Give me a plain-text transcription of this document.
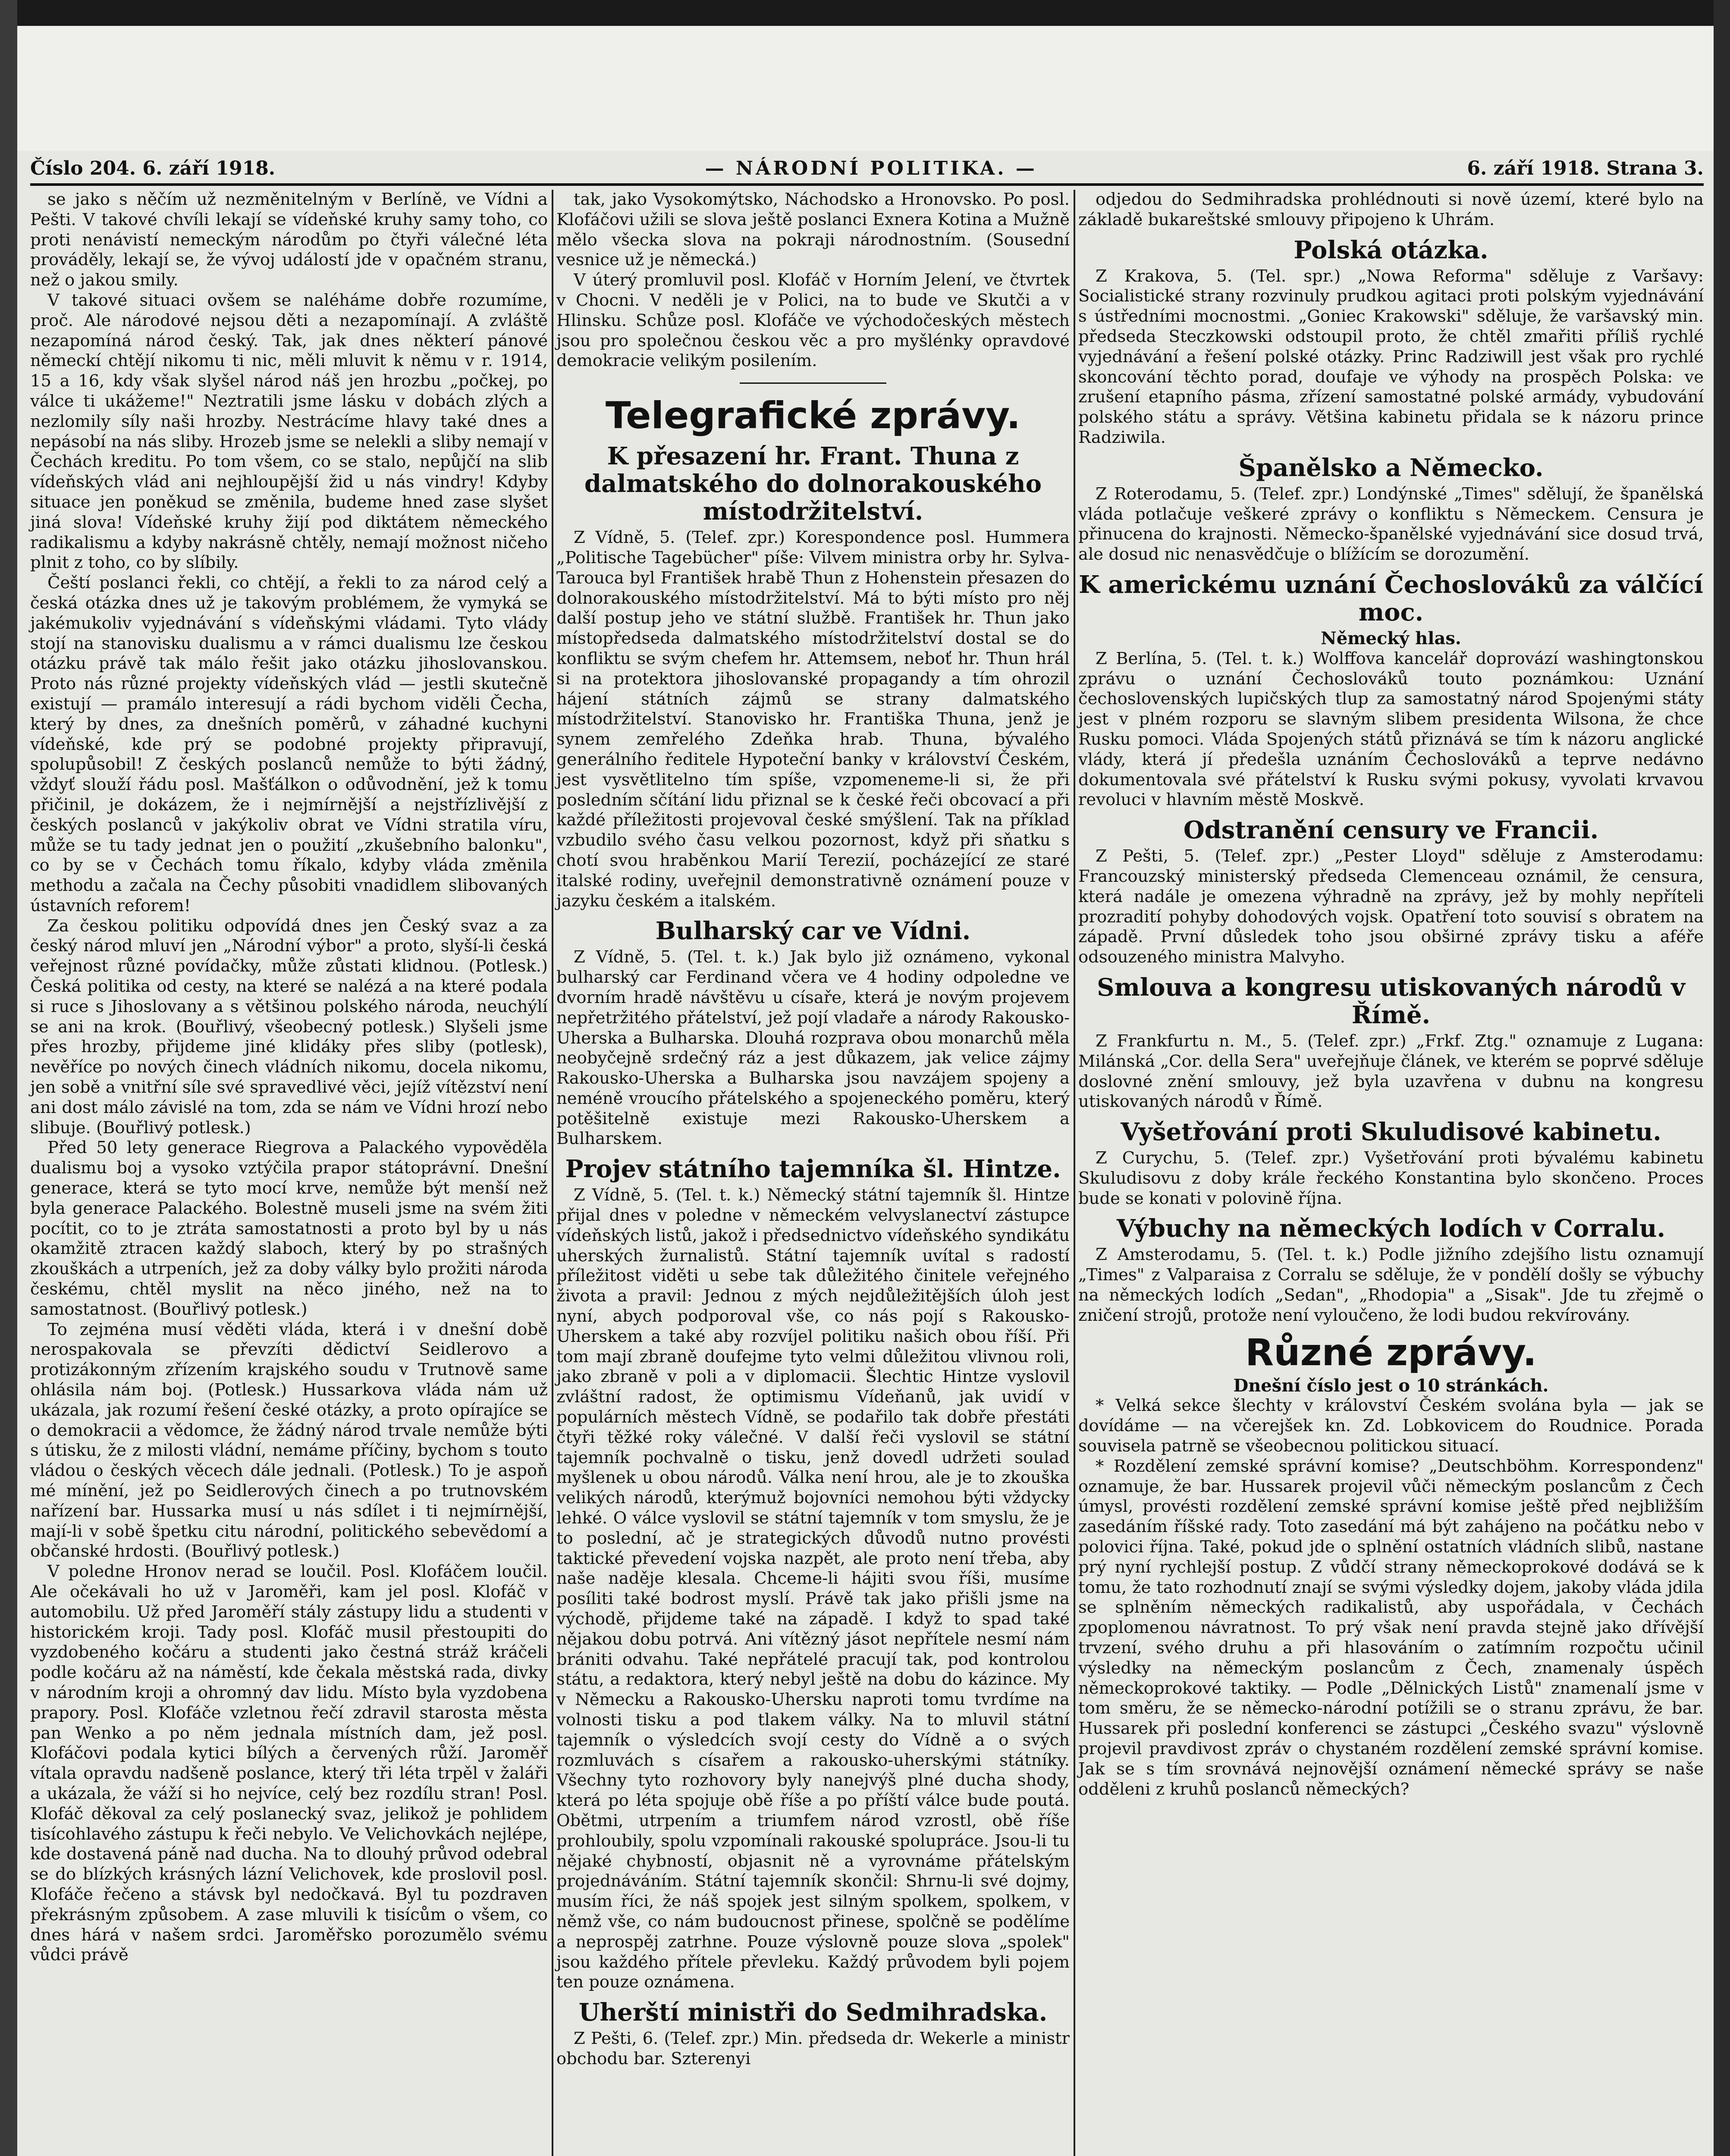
Číslo 204. 6. září 1918.	— NÁRODNÍ POLITIKA. —	6. září 1918. Strana 3.

se jako s něčím už nezměnitelným v Berlíně, ve Vídni a Pešti. V takové chvíli lekají se vídeňské kruhy samy toho, co proti nenávistí nemeckým národům po čtyři válečné léta prováděly, lekají se, že vývoj událostí jde v opačném stranu, než o jakou smily.

V takové situaci ovšem se naléháme dobře rozumíme, proč. Ale národové nejsou děti a nezapomínají. A zvláště nezapomíná národ český. Tak, jak dnes některí pánové německí chtějí nikomu ti nic, měli mluvit k němu v r. 1914, 15 a 16, kdy však slyšel národ náš jen hrozbu „počkej, po válce ti ukážeme!" Neztratili jsme lásku v dobách zlých a nezlomily síly naši hrozby. Nestrácíme hlavy také dnes a nepásobí na nás sliby. Hrozeb jsme se nelekli a sliby nemají v Čechách kreditu. Po tom všem, co se stalo, nepůjčí na slib vídeňských vlád ani nejhloupější žid u nás vindry! Kdyby situace jen poněkud se změnila, budeme hned zase slyšet jiná slova! Vídeňské kruhy žijí pod diktátem německého radikalismu a kdyby nakrásně chtěly, nemají možnost ničeho plnit z toho, co by slíbily.

Čeští poslanci řekli, co chtějí, a řekli to za národ celý a česká otázka dnes už je takovým problémem, že vymyká se jakémukoliv vyjednávání s vídeňskými vládami. Tyto vlády stojí na stanovisku dualismu a v rámci dualismu lze českou otázku právě tak málo řešit jako otázku jihoslovanskou. Proto nás různé projekty vídeňských vlád — jestli skutečně existují — pramálo interesují a rádi bychom viděli Čecha, který by dnes, za dnešních poměrů, v záhadné kuchyni vídeňské, kde prý se podobné projekty připravují, spolupůsobil! Z českých poslanců nemůže to býti žádný, vždyť slouží řádu posl. Mašťálkon o odůvodnění, jež k tomu přičinil, je dokázem, že i nejmírnější a nejstřízlivější z českých poslanců v jakýkoliv obrat ve Vídni stratila víru, může se tu tady jednat jen o použití „zkušebního balonku", co by se v Čechách tomu říkalo, kdyby vláda změnila methodu a začala na Čechy působiti vnadidlem slibovaných ústavních reforem!

Za českou politiku odpovídá dnes jen Český svaz a za český národ mluví jen „Národní výbor" a proto, slyší-li česká veřejnost různé povídačky, může zůstati klidnou. (Potlesk.) Česká politika od cesty, na které se nalézá a na které podala si ruce s Jihoslovany a s většinou polského národa, neuchýlí se ani na krok. (Bouřlivý, všeobecný potlesk.) Slyšeli jsme přes hrozby, přijdeme jiné klidáky přes sliby (potlesk), nevěříce po nových činech vládních nikomu, docela nikomu, jen sobě a vnitřní síle své spravedlivé věci, jejíž vítězství není ani dost málo závislé na tom, zda se nám ve Vídni hrozí nebo slibuje. (Bouřlivý potlesk.)

Před 50 lety generace Riegrova a Palackého vypověděla dualismu boj a vysoko vztýčila prapor státoprávní. Dnešní generace, která se tyto mocí krve, nemůže být menší než byla generace Palackého. Bolestně museli jsme na svém žiti pocítit, co to je ztráta samostatnosti a proto byl by u nás okamžitě ztracen každý slaboch, který by po strašných zkouškách a utrpeních, jež za doby války bylo prožiti národa českému, chtěl myslit na něco jiného, než na to samostatnost. (Bouřlivý potlesk.)

To zejména musí věděti vláda, která i v dnešní době nerospakovala se převzíti dědictví Seidlerovo a protizákonným zřízením krajského soudu v Trutnově same ohlásila nám boj. (Potlesk.) Hussarkova vláda nám už ukázala, jak rozumí řešení české otázky, a proto opírajíce se o demokracii a vědomce, že žádný národ trvale nemůže býti s útisku, že z milosti vládní, nemáme příčiny, bychom s touto vládou o českých věcech dále jednali. (Potlesk.) To je aspoň mé mínění, jež po Seidlerových činech a po trutnovském nařízení bar. Hussarka musí u nás sdílet i ti nejmírnější, mají-li v sobě špetku citu národní, politického sebevědomí a občanské hrdosti. (Bouřlivý potlesk.)

V poledne Hronov nerad se loučil. Posl. Klofáčem loučil. Ale očekávali ho už v Jaroměři, kam jel posl. Klofáč v automobilu. Už před Jaroměří stály zástupy lidu a studenti v historickém kroji. Tady posl. Klofáč musil přestoupiti do vyzdobeného kočáru a studenti jako čestná stráž kráčeli podle kočáru až na náměstí, kde čekala městská rada, divky v národním kroji a ohromný dav lidu. Místo byla vyzdobena prapory. Posl. Klofáče vzletnou řečí zdravil starosta města pan Wenko a po něm jednala místních dam, jež posl. Klofáčovi podala kytici bílých a červených růží. Jaroměř vítala opravdu nadšeně poslance, který tři léta trpěl v žaláři a ukázala, že váží si ho nejvíce, celý bez rozdílu stran! Posl. Klofáč děkoval za celý poslanecký svaz, jelikož je pohlidem tisícohlavého zástupu k řeči nebylo. Ve Velichovkách nejlépe, kde dostavená páně nad ducha. Na to dlouhý průvod odebral se do blízkých krásných lázní Velichovek, kde proslovil posl. Klofáče řečeno a stávsk byl nedočkavá. Byl tu pozdraven překrásným způsobem. A zase mluvili k tisícům o všem, co dnes hárá v našem srdci. Jaroměřsko porozumělo svému vůdci právě

tak, jako Vysokomýtsko, Náchodsko a Hronovsko. Po posl. Klofáčovi užili se slova ještě poslanci Exnera Kotina a Mužně mělo všecka slova na pokraji národnostním. (Sousední vesnice už je německá.)

V úterý promluvil posl. Klofáč v Horním Jelení, ve čtvrtek v Chocni. V neděli je v Polici, na to bude ve Skutči a v Hlinsku. Schůze posl. Klofáče ve východočeských městech jsou pro společnou českou věc a pro myšlénky opravdové demokracie velikým posilením.

Telegrafické zprávy.
K přesazení hr. Frant. Thuna z dalmatského do dolnorakouského místodržitelství.

Z Vídně, 5. (Telef. zpr.) Korespondence posl. Hummera „Politische Tagebücher" píše: Vilvem ministra orby hr. Sylva-Tarouca byl František hrabě Thun z Hohenstein přesazen do dolnorakouského místodržitelství. Má to býti místo pro něj další postup jeho ve státní službě. František hr. Thun jako místopředseda dalmatského místodržitelství dostal se do konfliktu se svým chefem hr. Attemsem, neboť hr. Thun hrál si na protektora jihoslovanské propagandy a tím ohrozil hájení státních zájmů se strany dalmatského místodržitelství. Stanovisko hr. Františka Thuna, jenž je synem zemřelého Zdeňka hrab. Thuna, bývalého generálního ředitele Hypoteční banky v království Českém, jest vysvětlitelno tím spíše, vzpomeneme-li si, že při posledním sčítání lidu přiznal se k české řeči obcovací a při každé příležitosti projevoval české smýšlení. Tak na příklad vzbudilo svého času velkou pozornost, když při sňatku s chotí svou hraběnkou Marií Terezií, pocházející ze staré italské rodiny, uveřejnil demonstrativně oznámení pouze v jazyku českém a italském.

Bulharský car ve Vídni.

Z Vídně, 5. (Tel. t. k.) Jak bylo již oznámeno, vykonal bulharský car Ferdinand včera ve 4 hodiny odpoledne ve dvorním hradě návštěvu u císaře, která je novým projevem nepřetržitého přátelství, jež pojí vladaře a národy Rakousko-Uherska a Bulharska. Dlouhá rozprava obou monarchů měla neobyčejně srdečný ráz a jest důkazem, jak velice zájmy Rakousko-Uherska a Bulharska jsou navzájem spojeny a neméně vroucího přátelského a spojeneckého poměru, který potěšitelně existuje mezi Rakousko-Uherskem a Bulharskem.

Projev státního tajemníka šl. Hintze.

Z Vídně, 5. (Tel. t. k.) Německý státní tajemník šl. Hintze přijal dnes v poledne v německém velvyslanectví zástupce vídeňských listů, jakož i předsednictvo vídeňského syndikátu uherských žurnalistů. Státní tajemník uvítal s radostí příležitost viděti u sebe tak důležitého činitele veřejného života a pravil: Jednou z mých nejdůležitějších úloh jest nyní, abych podporoval vše, co nás pojí s Rakousko-Uherskem a také aby rozvíjel politiku našich obou říší. Při tom mají zbraně doufejme tyto velmi důležitou vlivnou roli, jako zbraně v poli a v diplomacii. Šlechtic Hintze vyslovil zvláštní radost, že optimismu Vídeňanů, jak uvidí v populárních městech Vídně, se podařilo tak dobře přestáti čtyři těžké roky válečné. V další řeči vyslovil se státní tajemník pochvalně o tisku, jenž dovedl udržeti soulad myšlenek u obou národů. Válka není hrou, ale je to zkouška velikých národů, kterýmuž bojovníci nemohou býti vždycky lehké. O válce vyslovil se státní tajemník v tom smyslu, že je to poslední, ač je strategických důvodů nutno provésti taktické převedení vojska nazpět, ale proto není třeba, aby naše naděje klesala. Chceme-li hájiti svou říši, musíme posíliti také bodrost myslí. Právě tak jako přišli jsme na východě, přijdeme také na západě. I když to spad také nějakou dobu potrvá. Ani vítězný jásot nepřítele nesmí nám brániti odvahu. Také nepřátelé pracují tak, pod kontrolou státu, a redaktora, který nebyl ještě na dobu do kázince. My v Německu a Rakousko-Uhersku naproti tomu tvrdíme na volnosti tisku a pod tlakem války. Na to mluvil státní tajemník o výsledcích svojí cesty do Vídně a o svých rozmluvách s císařem a rakousko-uherskými státníky. Všechny tyto rozhovory byly nanejvýš plné ducha shody, která po léta spojuje obě říše a po příští válce bude poutá. Obětmi, utrpením a triumfem národ vzrostl, obě říše prohloubily, spolu vzpomínali rakouské spolupráce. Jsou-li tu nějaké chybností, objasnit ně a vyrovnáme přátelským projednáváním. Státní tajemník skončil: Shrnu-li své dojmy, musím říci, že náš spojek jest silným spolkem, spolkem, v němž vše, co nám budoucnost přinese, spolčně se podělíme a neprospěj zatrhne. Pouze výslovně pouze slova „spolek" jsou každého přítele převleku. Každý průvodem byli pojem ten pouze oznámena.

Uherští ministři do Sedmihradska.

Z Pešti, 6. (Telef. zpr.) Min. předseda dr. Wekerle a ministr obchodu bar. Szterenyi

odjedou do Sedmihradska prohlédnouti si nově území, které bylo na základě bukareštské smlouvy připojeno k Uhrám.

Polská otázka.

Z Krakova, 5. (Tel. spr.) „Nowa Reforma" sděluje z Varšavy: Socialistické strany rozvinuly prudkou agitaci proti polským vyjednávání s ústředními mocnostmi. „Goniec Krakowski" sděluje, že varšavský min. předseda Steczkowski odstoupil proto, že chtěl zmařiti příliš rychlé vyjednávání a řešení polské otázky. Princ Radziwill jest však pro rychlé skoncování těchto porad, doufaje ve výhody na prospěch Polska: ve zrušení etapního pásma, zřízení samostatné polské armády, vybudování polského státu a správy. Většina kabinetu přidala se k názoru prince Radziwila.

Španělsko a Německo.

Z Roterodamu, 5. (Telef. zpr.) Londýnské „Times" sdělují, že španělská vláda potlačuje veškeré zprávy o konfliktu s Německem. Censura je přinucena do krajnosti. Německo-španělské vyjednávání sice dosud trvá, ale dosud nic nenasvědčuje o blížícím se dorozumění.

K americkému uznání Čechoslováků za válčící moc.
Německý hlas.

Z Berlína, 5. (Tel. t. k.) Wolffova kancelář doprovází washingtonskou zprávu o uznání Čechoslováků touto poznámkou: Uznání čechoslovenských lupičských tlup za samostatný národ Spojenými státy jest v plném rozporu se slavným slibem presidenta Wilsona, že chce Rusku pomoci. Vláda Spojených států přiznává se tím k názoru anglické vlády, která jí předešla uznáním Čechoslováků a teprve nedávno dokumentovala své přátelství k Rusku svými pokusy, vyvolati krvavou revoluci v hlavním městě Moskvě.

Odstranění censury ve Francii.

Z Pešti, 5. (Telef. zpr.) „Pester Lloyd" sděluje z Amsterodamu: Francouzský ministerský předseda Clemenceau oznámil, že censura, která nadále je omezena výhradně na zprávy, jež by mohly nepříteli prozradití pohyby dohodových vojsk. Opatření toto souvisí s obratem na západě. První důsledek toho jsou obširné zprávy tisku a aféře odsouzeného ministra Malvyho.

Smlouva a kongresu utiskovaných národů v Římě.

Z Frankfurtu n. M., 5. (Telef. zpr.) „Frkf. Ztg." oznamuje z Lugana: Milánská „Cor. della Sera" uveřejňuje článek, ve kterém se poprvé sděluje doslovné znění smlouvy, jež byla uzavřena v dubnu na kongresu utiskovaných národů v Římě.

Vyšetřování proti Skuludisové kabinetu.

Z Curychu, 5. (Telef. zpr.) Vyšetřování proti bývalému kabinetu Skuludisovu z doby krále řeckého Konstantina bylo skončeno. Proces bude se konati v polovině října.

Výbuchy na německých lodích v Corralu.

Z Amsterodamu, 5. (Tel. t. k.) Podle jižního zdejšího listu oznamují „Times" z Valparaisa z Corralu se sděluje, že v pondělí došly se výbuchy na německých lodích „Sedan", „Rhodopia" a „Sisak". Jde tu zřejmě o zničení strojů, protože není vyloučeno, že lodi budou rekvírovány.

Různé zprávy.
Dnešní číslo jest o 10 stránkách.

* Velká sekce šlechty v království Českém svolána byla — jak se dovídáme — na včerejšek kn. Zd. Lobkovicem do Roudnice. Porada souvisela patrně se všeobecnou politickou situací.

* Rozdělení zemské správní komise? „Deutschböhm. Korrespondenz" oznamuje, že bar. Hussarek projevil vůči německým poslancům z Čech úmysl, provésti rozdělení zemské správní komise ještě před nejbližším zasedáním říšské rady. Toto zasedání má být zahájeno na počátku nebo v polovici října. Také, pokud jde o splnění ostatních vládních slibů, nastane prý nyní rychlejší postup. Z vůdčí strany německoprokové dodává se k tomu, že tato rozhodnutí znají se svými výsledky dojem, jakoby vláda jdila se splněním německých radikalistů, aby uspořádala, v Čechách zpoplomenou návratnost. To prý však není pravda stejně jako dřívější trvzení, svého druhu a při hlasováním o zatímním rozpočtu učinil výsledky na německým poslancům z Čech, znamenaly úspěch německoprokové taktiky. — Podle „Dělnických Listů" znamenalí jsme v tom směru, že se německo-národní potížili se o stranu zprávu, že bar. Hussarek při poslední konferenci se zástupci „Českého svazu" výslovně projevil pravdivost zpráv o chystaném rozdělení zemské správní komise. Jak se s tím srovnává nejnovější oznámení německé správy se naše odděleni z kruhů poslanců německých?
